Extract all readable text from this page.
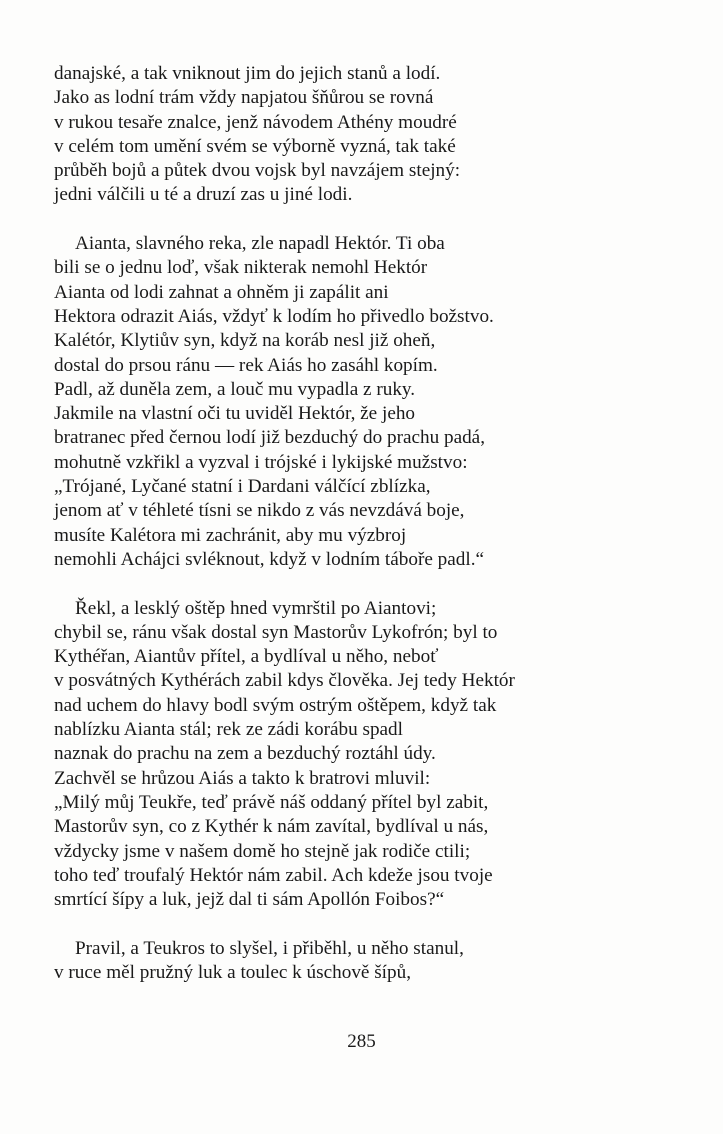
danajské, a tak vniknout jim do jejich stanů a lodí.
Jako as lodní trám vždy napjatou šňůrou se rovná
v rukou tesaře znalce, jenž návodem Athény moudré
v celém tom umění svém se výborně vyzná, tak také
průběh bojů a půtek dvou vojsk byl navzájem stejný:
jedni válčili u té a druzí zas u jiné lodi.
Aianta, slavného reka, zle napadl Hektór. Ti oba
bili se o jednu loď, však nikterak nemohl Hektór
Aianta od lodi zahnat a ohněm ji zapálit ani
Hektora odrazit Aiás, vždyť k lodím ho přivedlo božstvo.
Kalétór, Klytiův syn, když na koráb nesl již oheň,
dostal do prsou ránu — rek Aiás ho zasáhl kopím.
Padl, až duněla zem, a louč mu vypadla z ruky.
Jakmile na vlastní oči tu uviděl Hektór, že jeho
bratranec před černou lodí již bezduchý do prachu padá,
mohutně vzkřikl a vyzval i trójské i lykijské mužstvo:
„Trójané, Lyčané statní i Dardani válčící zblízka,
jenom ať v téhleté tísni se nikdo z vás nevzdává boje,
musíte Kalétora mi zachránit, aby mu výzbroj
nemohli Achájci svléknout, když v lodním táboře padl.“
Řekl, a lesklý oštěp hned vymrštil po Aiantovi;
chybil se, ránu však dostal syn Mastorův Lykofrón; byl to
Kythéřan, Aiantův přítel, a bydlíval u něho, neboť
v posvátných Kythérách zabil kdys člověka. Jej tedy Hektór
nad uchem do hlavy bodl svým ostrým oštěpem, když tak
nablízku Aianta stál; rek ze zádi korábu spadl
naznak do prachu na zem a bezduchý roztáhl údy.
Zachvěl se hrůzou Aiás a takto k bratrovi mluvil:
„Milý můj Teukře, teď právě náš oddaný přítel byl zabit,
Mastorův syn, co z Kythér k nám zavítal, bydlíval u nás,
vždycky jsme v našem domě ho stejně jak rodiče ctili;
toho teď troufalý Hektór nám zabil. Ach kdeže jsou tvoje
smrtící šípy a luk, jejž dal ti sám Apollón Foibos?“
Pravil, a Teukros to slyšel, i přiběhl, u něho stanul,
v ruce měl pružný luk a toulec k úschově šípů,
285
